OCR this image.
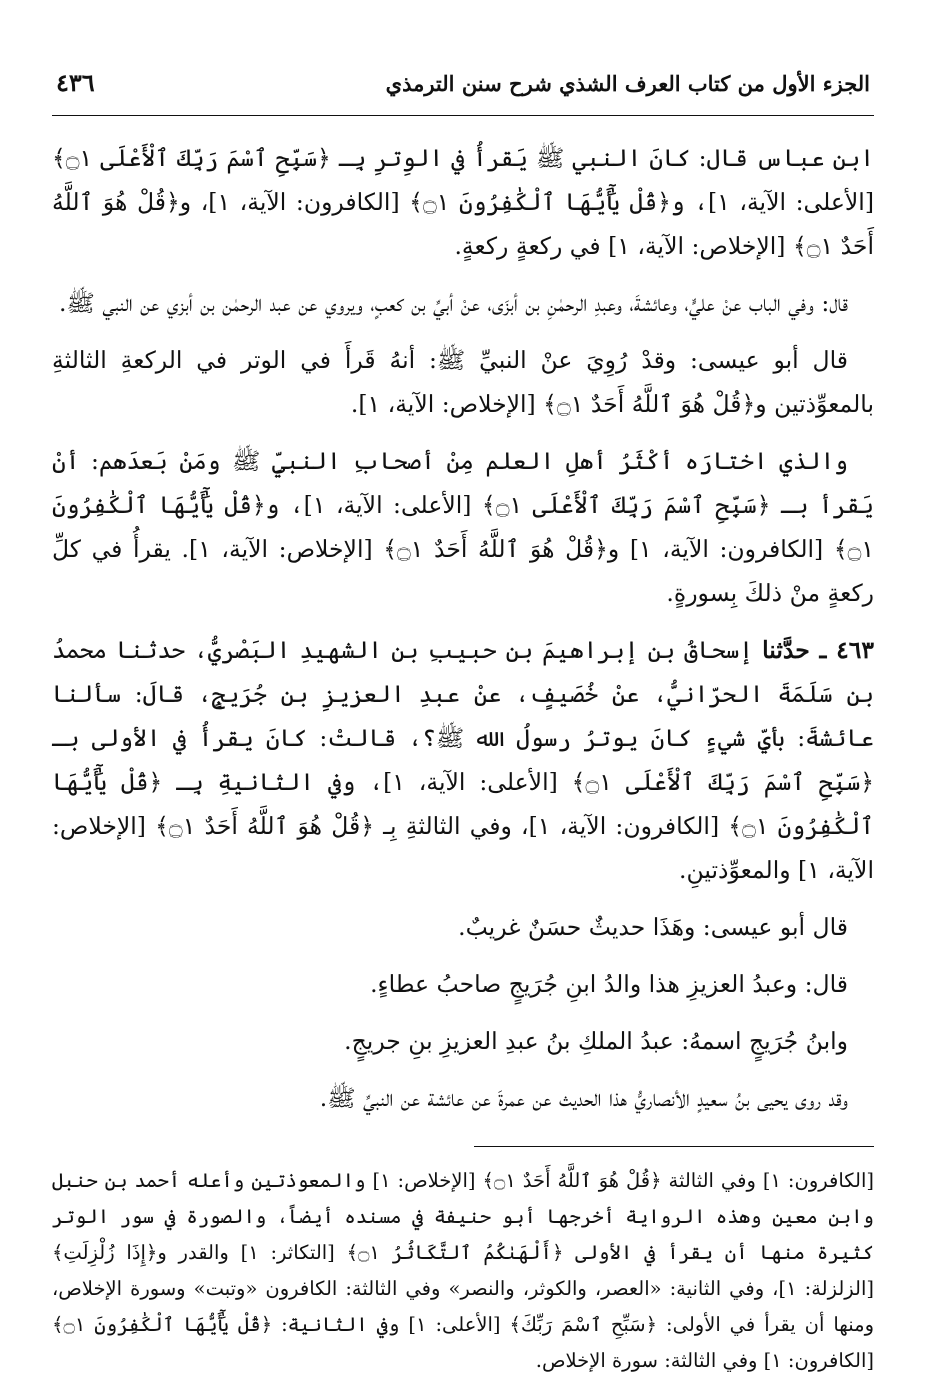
الجزء الأول من كتاب العرف الشذي شرح سنن الترمذي
٤٣٦

ابن عباس قال: كانَ النبي ﷺ يَقرأُ في الوِترِ بِـ ﴿سَبِّحِ ٱسْمَ رَبِّكَ ٱلْأَعْلَى ۝١﴾ [الأعلى: الآية، ١]، و﴿قُلْ يَٰٓأَيُّهَا ٱلْكَٰفِرُونَ ۝١﴾ [الكافرون: الآية، ١]، و﴿قُلْ هُوَ ٱللَّهُ أَحَدٌ ۝١﴾ [الإخلاص: الآية، ١] في ركعةٍ ركعةٍ.

قال: وفي الباب عنْ عليٍّ، وعائشةَ، وعبدِ الرحمٰنِ بن أبزَى، عنْ أبيِّ بن كعبٍ، ويروي عن عبد الرحمٰن بن أبزي عن النبي ﷺ.

قال أبو عيسى: وقدْ رُوِيَ عنْ النبيِّ ﷺ: أنهُ قَرأَ في الوتر في الركعةِ الثالثةِ بالمعوِّذتين و﴿قُلْ هُوَ ٱللَّهُ أَحَدٌ ۝١﴾ [الإخلاص: الآية، ١].

والذي اختارَه أكْثَرُ أهلِ العلم مِنْ أصحابِ النبيِّ ﷺ ومَنْ بَعدَهم: أنْ يَقرأ بـ ﴿سَبِّحِ ٱسْمَ رَبِّكَ ٱلْأَعْلَى ۝١﴾ [الأعلى: الآية، ١]، و﴿قُلْ يَٰٓأَيُّهَا ٱلْكَٰفِرُونَ ۝١﴾ [الكافرون: الآية، ١] و﴿قُلْ هُوَ ٱللَّهُ أَحَدٌ ۝١﴾ [الإخلاص: الآية، ١]. يقرأُ في كلِّ ركعةٍ منْ ذلكَ بِسورةٍ.

٤٦٣ ـ حدَّثنا إسحاقُ بن إبراهيمَ بن حبيبِ بن الشهيدِ البَصْريُّ، حدثنا محمدُ بن سَلَمَةَ الحرّانيُّ، عنْ خُصَيفٍ، عنْ عبدِ العزيزِ بن جُرَيجٍ، قالَ: سألنا عائشةَ: بأيِّ شيءٍ كانَ يوترُ رسولُ الله ﷺ؟، قالتْ: كانَ يقرأُ في الأولى بـ ﴿سَبِّحِ ٱسْمَ رَبِّكَ ٱلْأَعْلَى ۝١﴾ [الأعلى: الآية، ١]، وفي الثانيةِ بِـ ﴿قُلْ يَٰٓأَيُّهَا ٱلْكَٰفِرُونَ ۝١﴾ [الكافرون: الآية، ١]، وفي الثالثةِ بِـ ﴿قُلْ هُوَ ٱللَّهُ أَحَدٌ ۝١﴾ [الإخلاص: الآية، ١] والمعوِّذتينِ.

قال أبو عيسى: وهَذَا حديثٌ حسَنٌ غريبٌ.

قال: وعبدُ العزيزِ هذا والدُ ابنِ جُرَيجٍ صاحبُ عطاءٍ.

وابنُ جُرَيجٍ اسمهُ: عبدُ الملكِ بنُ عبدِ العزيزِ بنِ جريجٍ.

وقد روى يحيى بنُ سعيدٍ الأنصاريُّ هذا الحديث عن عمرةَ عن عائشة عن النبيِّ ﷺ.

[الكافرون: ١] وفي الثالثة ﴿قُلْ هُوَ ٱللَّهُ أَحَدٌ ۝١﴾ [الإخلاص: ١] والمعوذتين وأعله أحمد بن حنبل وابن معين وهذه الرواية أخرجها أبو حنيفة في مسنده أيضاً، والصورة في سور الوتر كثيرة منها أن يقرأ في الأولى ﴿أَلْهَىٰكُمُ ٱلتَّكَاثُرُ ۝١﴾ [التكاثر: ١] والقدر و﴿إِذَا زُلْزِلَتِ﴾ [الزلزلة: ١]، وفي الثانية: «العصر، والكوثر، والنصر» وفي الثالثة: الكافرون «وتبت» وسورة الإخلاص، ومنها أن يقرأ في الأولى: ﴿سَبِّحِ ٱسْمَ رَبِّكَ﴾ [الأعلى: ١] وفي الثانية: ﴿قُلْ يَٰٓأَيُّهَا ٱلْكَٰفِرُونَ ۝١﴾ [الكافرون: ١] وفي الثالثة: سورة الإخلاص.
